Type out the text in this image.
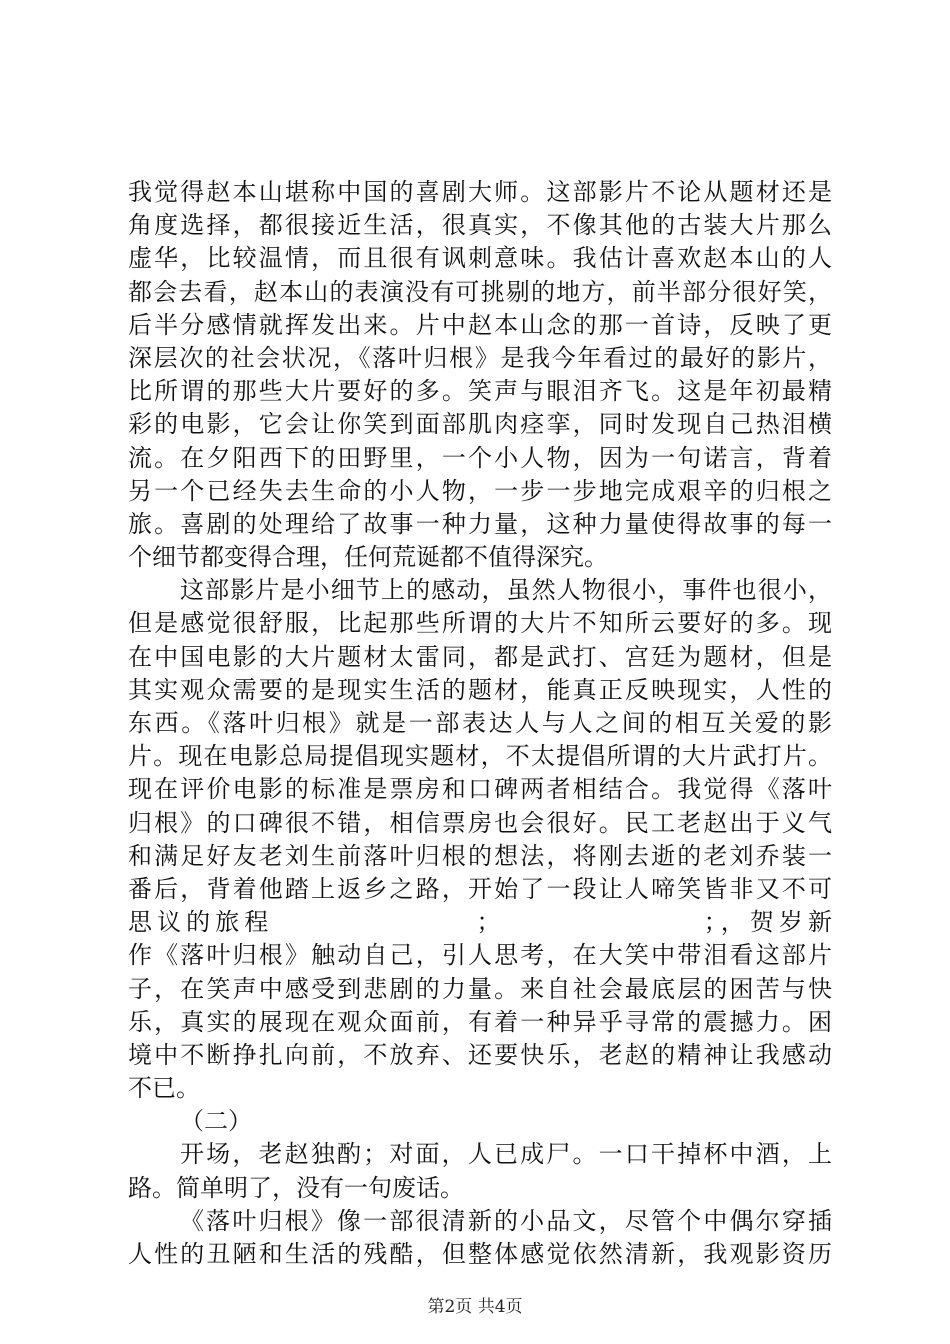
我觉得赵本山堪称中国的喜剧大师。这部影片不论从题材还是
角度选择，都很接近生活，很真实，不像其他的古装大片那么
虚华，比较温情，而且很有讽刺意味。我估计喜欢赵本山的人
都会去看，赵本山的表演没有可挑剔的地方，前半部分很好笑，
后半分感情就挥发出来。片中赵本山念的那一首诗，反映了更
深层次的社会状况，《落叶归根》是我今年看过的最好的影片，
比所谓的那些大片要好的多。笑声与眼泪齐飞。这是年初最精
彩的电影，它会让你笑到面部肌肉痉挛，同时发现自己热泪横
流。在夕阳西下的田野里，一个小人物，因为一句诺言，背着
另一个已经失去生命的小人物，一步一步地完成艰辛的归根之
旅。喜剧的处理给了故事一种力量，这种力量使得故事的每一
个细节都变得合理，任何荒诞都不值得深究。
这部影片是小细节上的感动，虽然人物很小，事件也很小，
但是感觉很舒服，比起那些所谓的大片不知所云要好的多。现
在中国电影的大片题材太雷同，都是武打、宫廷为题材，但是
其实观众需要的是现实生活的题材，能真正反映现实，人性的
东西。《落叶归根》就是一部表达人与人之间的相互关爱的影
片。现在电影总局提倡现实题材，不太提倡所谓的大片武打片。
现在评价电影的标准是票房和口碑两者相结合。我觉得《落叶
归根》的口碑很不错，相信票房也会很好。民工老赵出于义气
和满足好友老刘生前落叶归根的想法，将刚去逝的老刘乔装一
番后，背着他踏上返乡之路，开始了一段让人啼笑皆非又不可
思议的旅程                ；                ；，贺岁新
作《落叶归根》触动自己，引人思考，在大笑中带泪看这部片
子，在笑声中感受到悲剧的力量。来自社会最底层的困苦与快
乐，真实的展现在观众面前，有着一种异乎寻常的震撼力。困
境中不断挣扎向前，不放弃、还要快乐，老赵的精神让我感动
不已。
（二）
开场，老赵独酌；对面，人已成尸。一口干掉杯中酒，上
路。简单明了，没有一句废话。
《落叶归根》像一部很清新的小品文，尽管个中偶尔穿插
人性的丑陋和生活的残酷，但整体感觉依然清新，我观影资历
第2页 共4页
